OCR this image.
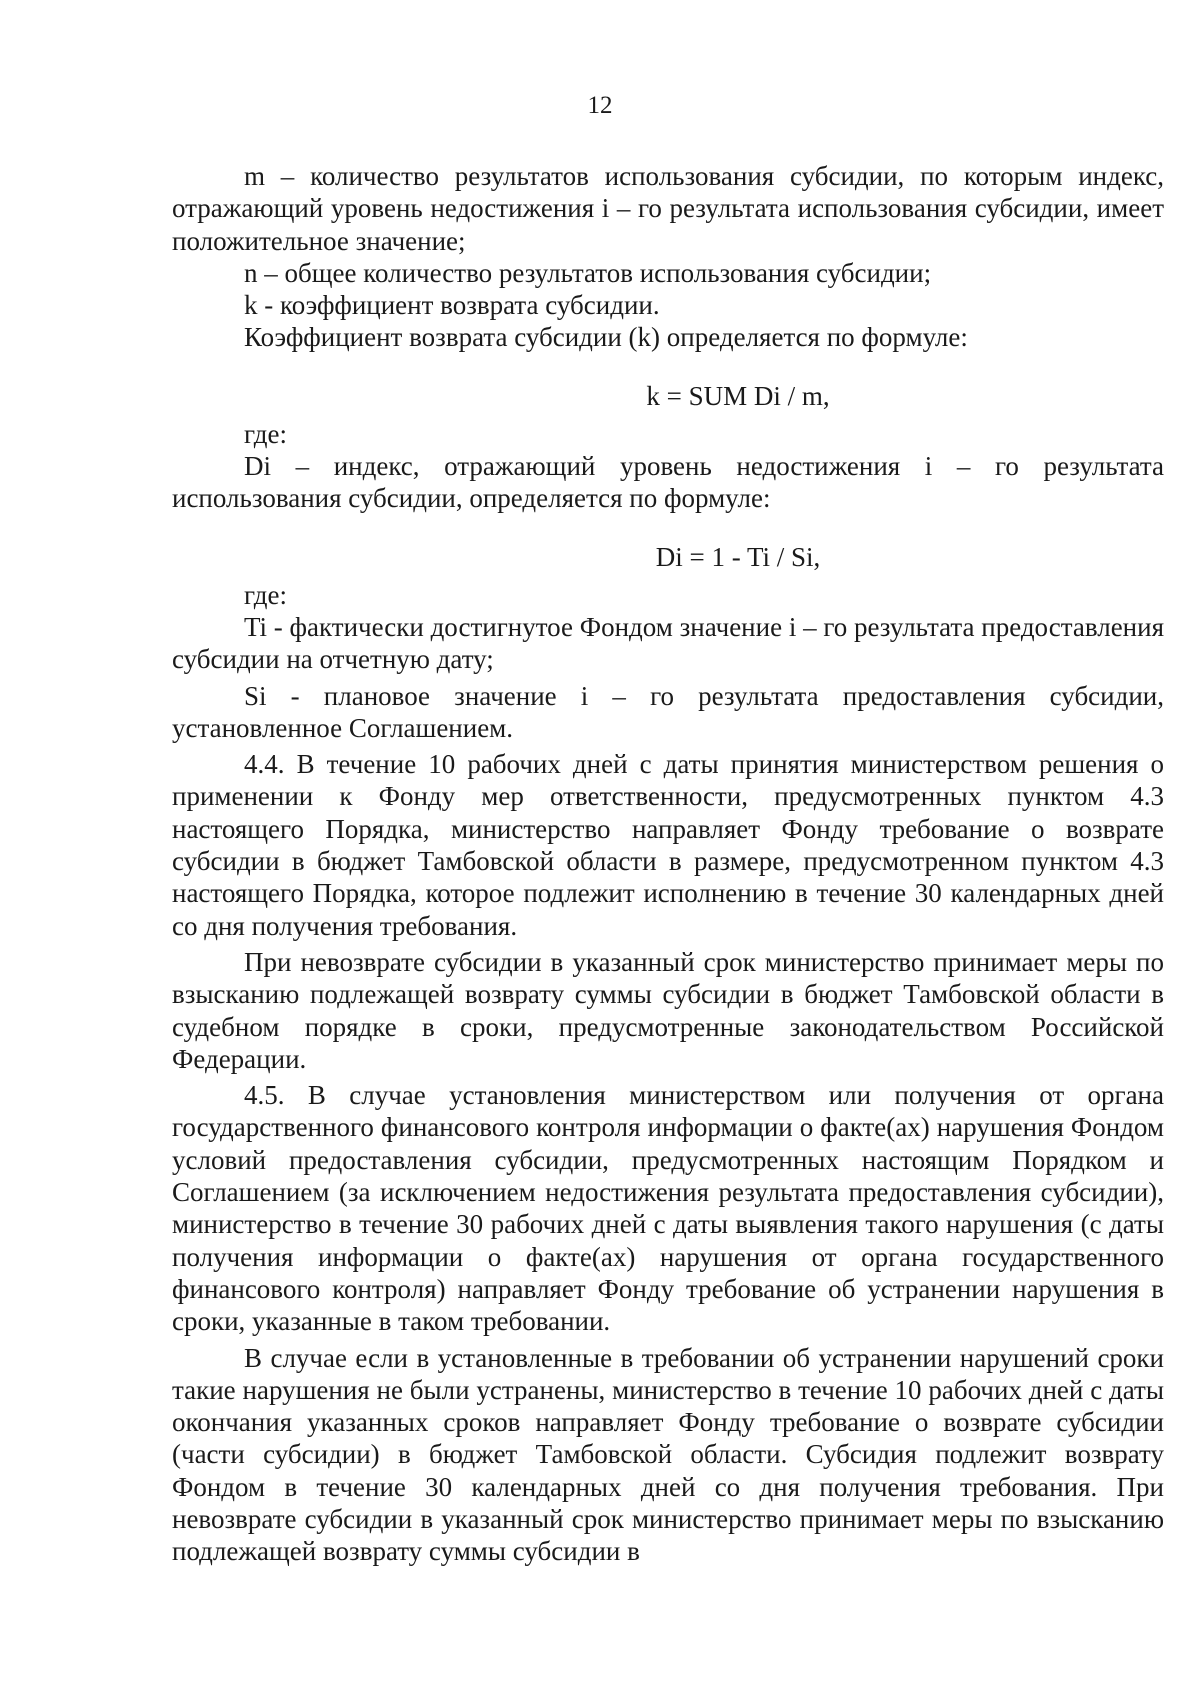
12

m – количество результатов использования субсидии, по которым индекс, отражающий уровень недостижения i – го результата использования субсидии, имеет положительное значение;

n – общее количество результатов использования субсидии;

k - коэффициент возврата субсидии.

Коэффициент возврата субсидии (k) определяется по формуле:

k = SUM Di / m,

где:

Di – индекс, отражающий уровень недостижения i – го результата использования субсидии, определяется по формуле:

Di = 1 - Ti / Si,

где:

Ti - фактически достигнутое Фондом значение i – го результата предоставления субсидии на отчетную дату;

Si - плановое значение i – го результата предоставления субсидии, установленное Соглашением.

4.4. В течение 10 рабочих дней с даты принятия министерством решения о применении к Фонду мер ответственности, предусмотренных пунктом 4.3 настоящего Порядка, министерство направляет Фонду требование о возврате субсидии в бюджет Тамбовской области в размере, предусмотренном пунктом 4.3 настоящего Порядка, которое подлежит исполнению в течение 30 календарных дней со дня получения требования.

При невозврате субсидии в указанный срок министерство принимает меры по взысканию подлежащей возврату суммы субсидии в бюджет Тамбовской области в судебном порядке в сроки, предусмотренные законодательством Российской Федерации.

4.5. В случае установления министерством или получения от органа государственного финансового контроля информации о факте(ах) нарушения Фондом условий предоставления субсидии, предусмотренных настоящим Порядком и Соглашением (за исключением недостижения результата предоставления субсидии), министерство в течение 30 рабочих дней с даты выявления такого нарушения (с даты получения информации о факте(ах) нарушения от органа государственного финансового контроля) направляет Фонду требование об устранении нарушения в сроки, указанные в таком требовании.

В случае если в установленные в требовании об устранении нарушений сроки такие нарушения не были устранены, министерство в течение 10 рабочих дней с даты окончания указанных сроков направляет Фонду требование о возврате субсидии (части субсидии) в бюджет Тамбовской области. Субсидия подлежит возврату Фондом в течение 30 календарных дней со дня получения требования. При невозврате субсидии в указанный срок министерство принимает меры по взысканию подлежащей возврату суммы субсидии в
